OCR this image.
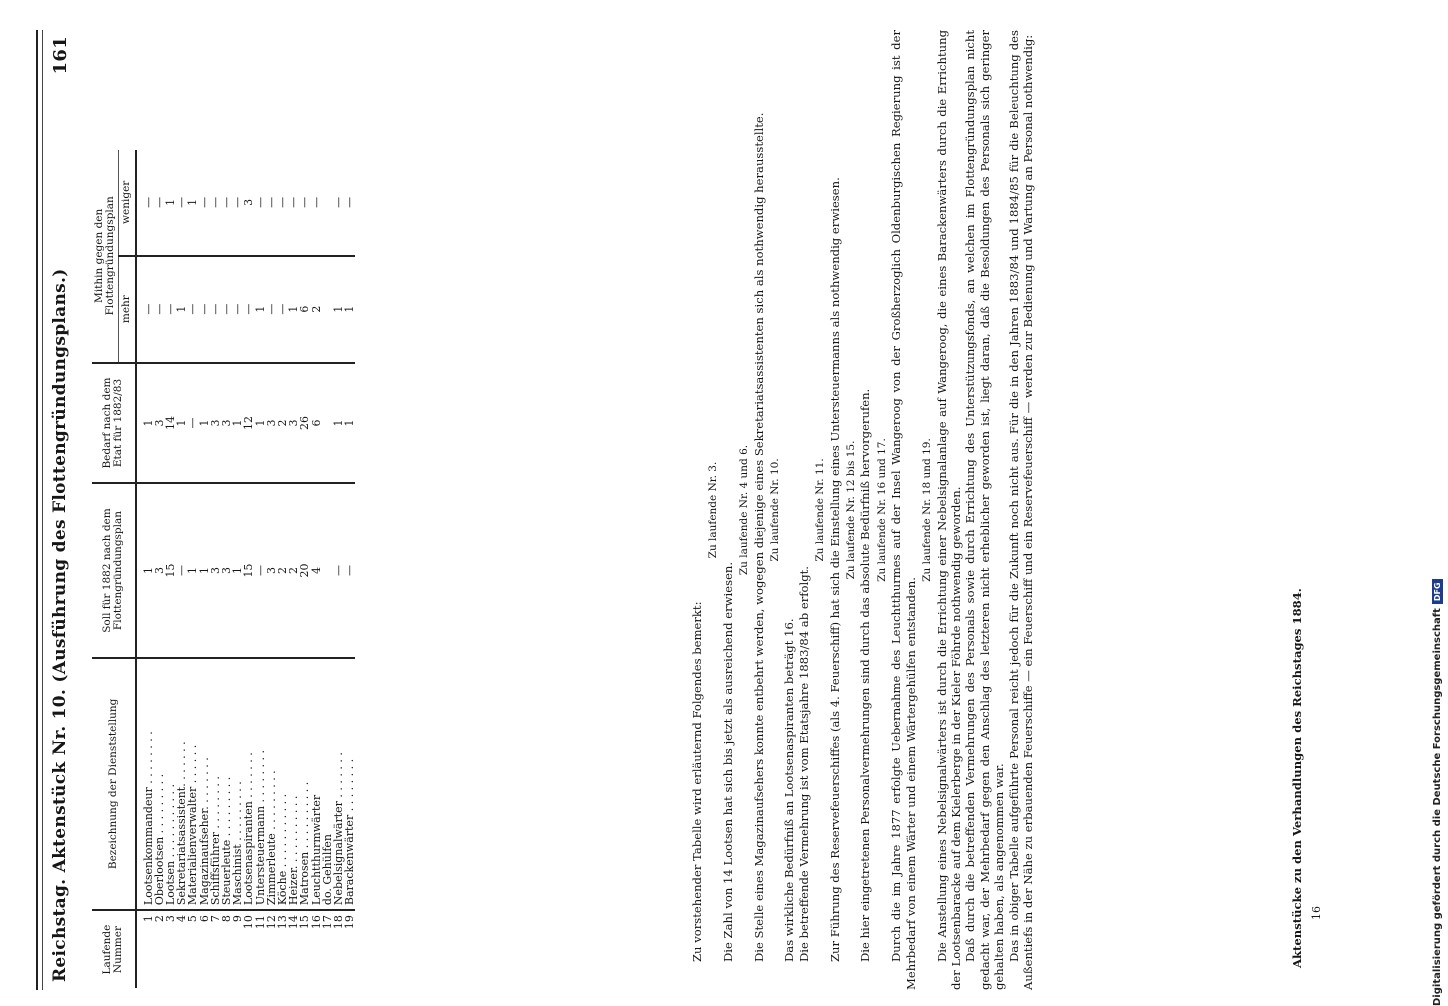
Reichstag. Aktenstück Nr. 10. (Ausführung des Flottengründungsplans.)
161
Laufende Nummer	Bezeichnung der Dienststellung	Soll für 1882 nach dem Flottengründungsplan	Bedarf nach dem Etat für 1882/83	Mithin gegen den Flottengründungsplan	
				mehr	weniger
1	Lootsenkommandeur . . . . . . . .	1	1	—	—
2	Oberlootsen . . . . . . . . .	3	3	—	—
3	Lootsen . . . . . . . . . . .	15	14	—	1
4	Sekretariatsassistent. . . . . . .	—	1	1	—
5	Materialienverwalter . . . . . .	1	—	—	1
6	Magazinaufseher. . . . . . . .	1	1	—	—
7	Schiffsführer . . . . . . . .	3	3	—	—
8	Steuerleute . . . . . . . . .	3	3	—	—
9	Maschinist . . . . . . . . .	1	1	—	—
10	Lootsenaspiranten . . . . . . .	15	12	—	3
11	Untersteuermann . . . . . . . .	—	1	1	—
12	Zimmerleute . . . . . . . . .	3	3	—	—
13	Köche . . . . . . . . . . .	2	2	—	—
14	Heizer. . . . . . . . . . .	2	3	1	—
15	Matrosen . . . . . . . . . .	20	26	6	—
16	Leuchtthurmwärter	4	6	2	—
17	do. Gehülfen				
18	Nebelsignalwärter . . . . . . .	—	1	1	—
19	Barackenwärter . . . . . . . .	—	1	1	—

Zu vorstehender Tabelle wird erläuternd Folgendes bemerkt:

Zu laufende Nr. 3.

Die Zahl von 14 Lootsen hat sich bis jetzt als ausreichend erwiesen.

Zu laufende Nr. 4 und 6. Die Stelle eines Magazinaufsehers konnte entbehrt werden, wogegen diejenige eines Sekretariatsassistenten sich als nothwendig herausstellte. Zu laufende Nr. 10.

Das wirkliche Bedürfniß an Lootsenaspiranten beträgt 16. Die betreffende Vermehrung ist vom Etatsjahre 1883/84 ab erfolgt.

Zu laufende Nr. 11. Zur Führung des Reservefeuerschiffes (als 4. Feuerschiff) hat sich die Einstellung eines Untersteuermanns als nothwendig erwiesen. Zu laufende Nr. 12 bis 15. Die hier eingetretenen Personalvermehrungen sind durch das absolute Bedürfniß hervorgerufen. Zu laufende Nr. 16 und 17. Durch die im Jahre 1877 erfolgte Uebernahme des Leuchtthurmes auf der Insel Wangeroog von der Großherzoglich Oldenburgischen Regierung ist der Mehrbedarf von einem Wärter und einem Wärtergehülfen entstanden.

Zu laufende Nr. 18 und 19. Die Anstellung eines Nebelsignalwärters ist durch die Errichtung einer Nebelsignalanlage auf Wangeroog, die eines Barackenwärters durch die Errichtung der Lootsenbaracke auf dem Kielerberge in der Kieler Föhrde nothwendig geworden. Daß durch die betreffenden Vermehrungen des Personals sowie durch Errichtung des Unterstützungsfonds, an welchen im Flottengründungsplan nicht gedacht war, der Mehrbedarf gegen den Anschlag des letzteren nicht erheblicher geworden ist, liegt daran, daß die Besoldungen des Personals sich geringer gehalten haben, als angenommen war. Das in obiger Tabelle aufgeführte Personal reicht jedoch für die Zukunft noch nicht aus. Für die in den Jahren 1883/84 und 1884/85 für die Beleuchtung des Außentiefs in der Nähe zu erbauenden Feuerschiffe — ein Feuerschiff und ein Reservefeuerschiff — werden zur Bedienung und Wartung an Personal nothwendig:	16
Aktenstücke zu den Verhandlungen des Reichstages 1884.	Digitalisierung gefördert durch die Deutsche Forschungsgemeinschaft
DFG
